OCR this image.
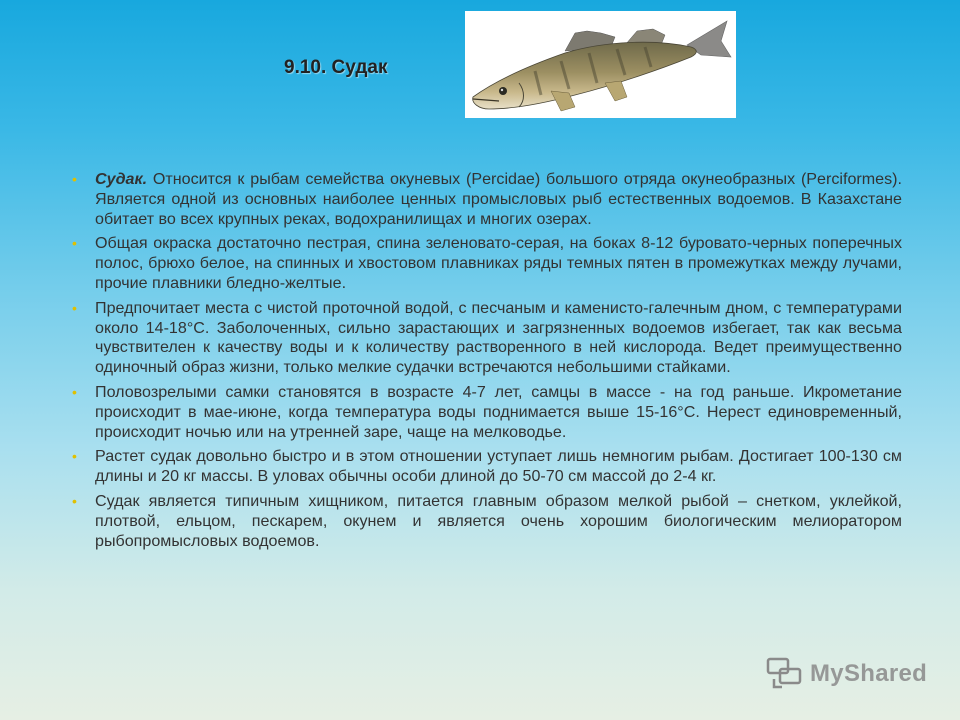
9.10. Судак
• Судак. Относится к рыбам семейства окуневых (Percidae) большого отряда окунеобразных (Perciformes). Является одной из основных наиболее ценных промысловых рыб естественных водоемов. В Казахстане обитает во всех крупных реках, водохранилищах и многих озерах.
• Общая окраска достаточно пестрая, спина зеленовато-серая, на боках 8-12 буровато-черных поперечных полос, брюхо белое, на спинных и хвостовом плавниках ряды темных пятен в промежутках между лучами, прочие плавники бледно-желтые.
• Предпочитает места с чистой проточной водой, с песчаным и каменисто-галечным дном, с температурами около 14-18°С. Заболоченных, сильно зарастающих и загрязненных водоемов избегает, так как весьма чувствителен к качеству воды и к количеству растворенного в ней кислорода. Ведет преимущественно одиночный образ жизни, только мелкие судачки встречаются небольшими стайками.
• Половозрелыми самки становятся в возрасте 4-7 лет, самцы в массе - на год раньше. Икрометание происходит в мае-июне, когда температура воды поднимается выше 15-16°С. Нерест единовременный, происходит ночью или на утренней заре, чаще на мелководье.
• Растет судак довольно быстро и в этом отношении уступает лишь немногим рыбам. Достигает 100-130 см длины и 20 кг массы. В уловах обычны особи длиной до 50-70 см массой до 2-4 кг.
• Судак является типичным хищником, питается главным образом мелкой рыбой – снетком, уклейкой, плотвой, ельцом, пескарем, окунем и является очень хорошим биологическим мелиоратором рыбопромысловых водоемов.
MyShared
